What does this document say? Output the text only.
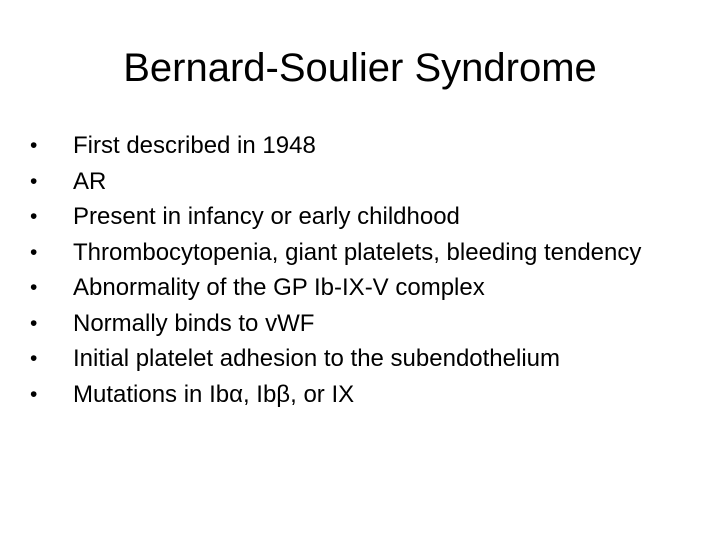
Bernard-Soulier Syndrome
•	First described in 1948
•	AR
•	Present in infancy or early childhood
•	Thrombocytopenia, giant platelets, bleeding tendency
•	Abnormality of the GP Ib-IX-V complex
•	Normally binds to vWF
•	Initial platelet adhesion to the subendothelium
•	Mutations in Ibα, Ibβ, or IX
